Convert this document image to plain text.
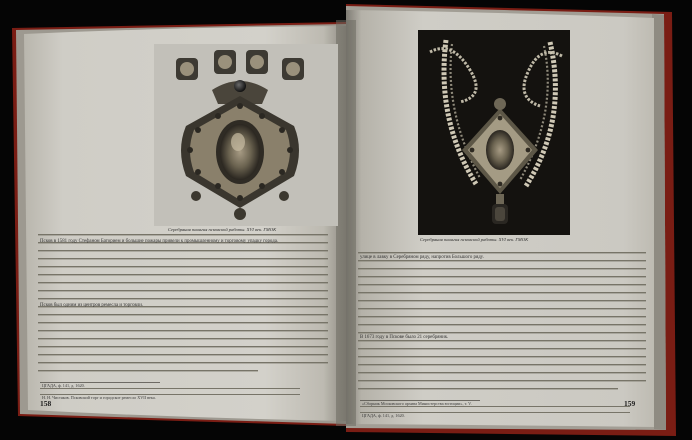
Серебряная панагия псковской работы. XVI век. ГМОК

Псков в 1581 году Стефаном Баторием и большие пожары привели к промышленному и торговому упадку города.

Псков был одним из центров ремесла и торговли.

ЦГАДА, ф. 141, д. 1620.

Н. Н. Чистяков. Псковский торг и городское ремесло XVII века.

158

Серебряная панагия псковской работы. XVI век. ГМОК

улице в лавку в Серебряном ряду, напротив Большого ряду.

В 1673 году в Пскове было 21 серебряник.

«Сборник Московского архива Министерства юстиции», т. V.

ЦГАДА, ф. 141, д. 1620.

159
